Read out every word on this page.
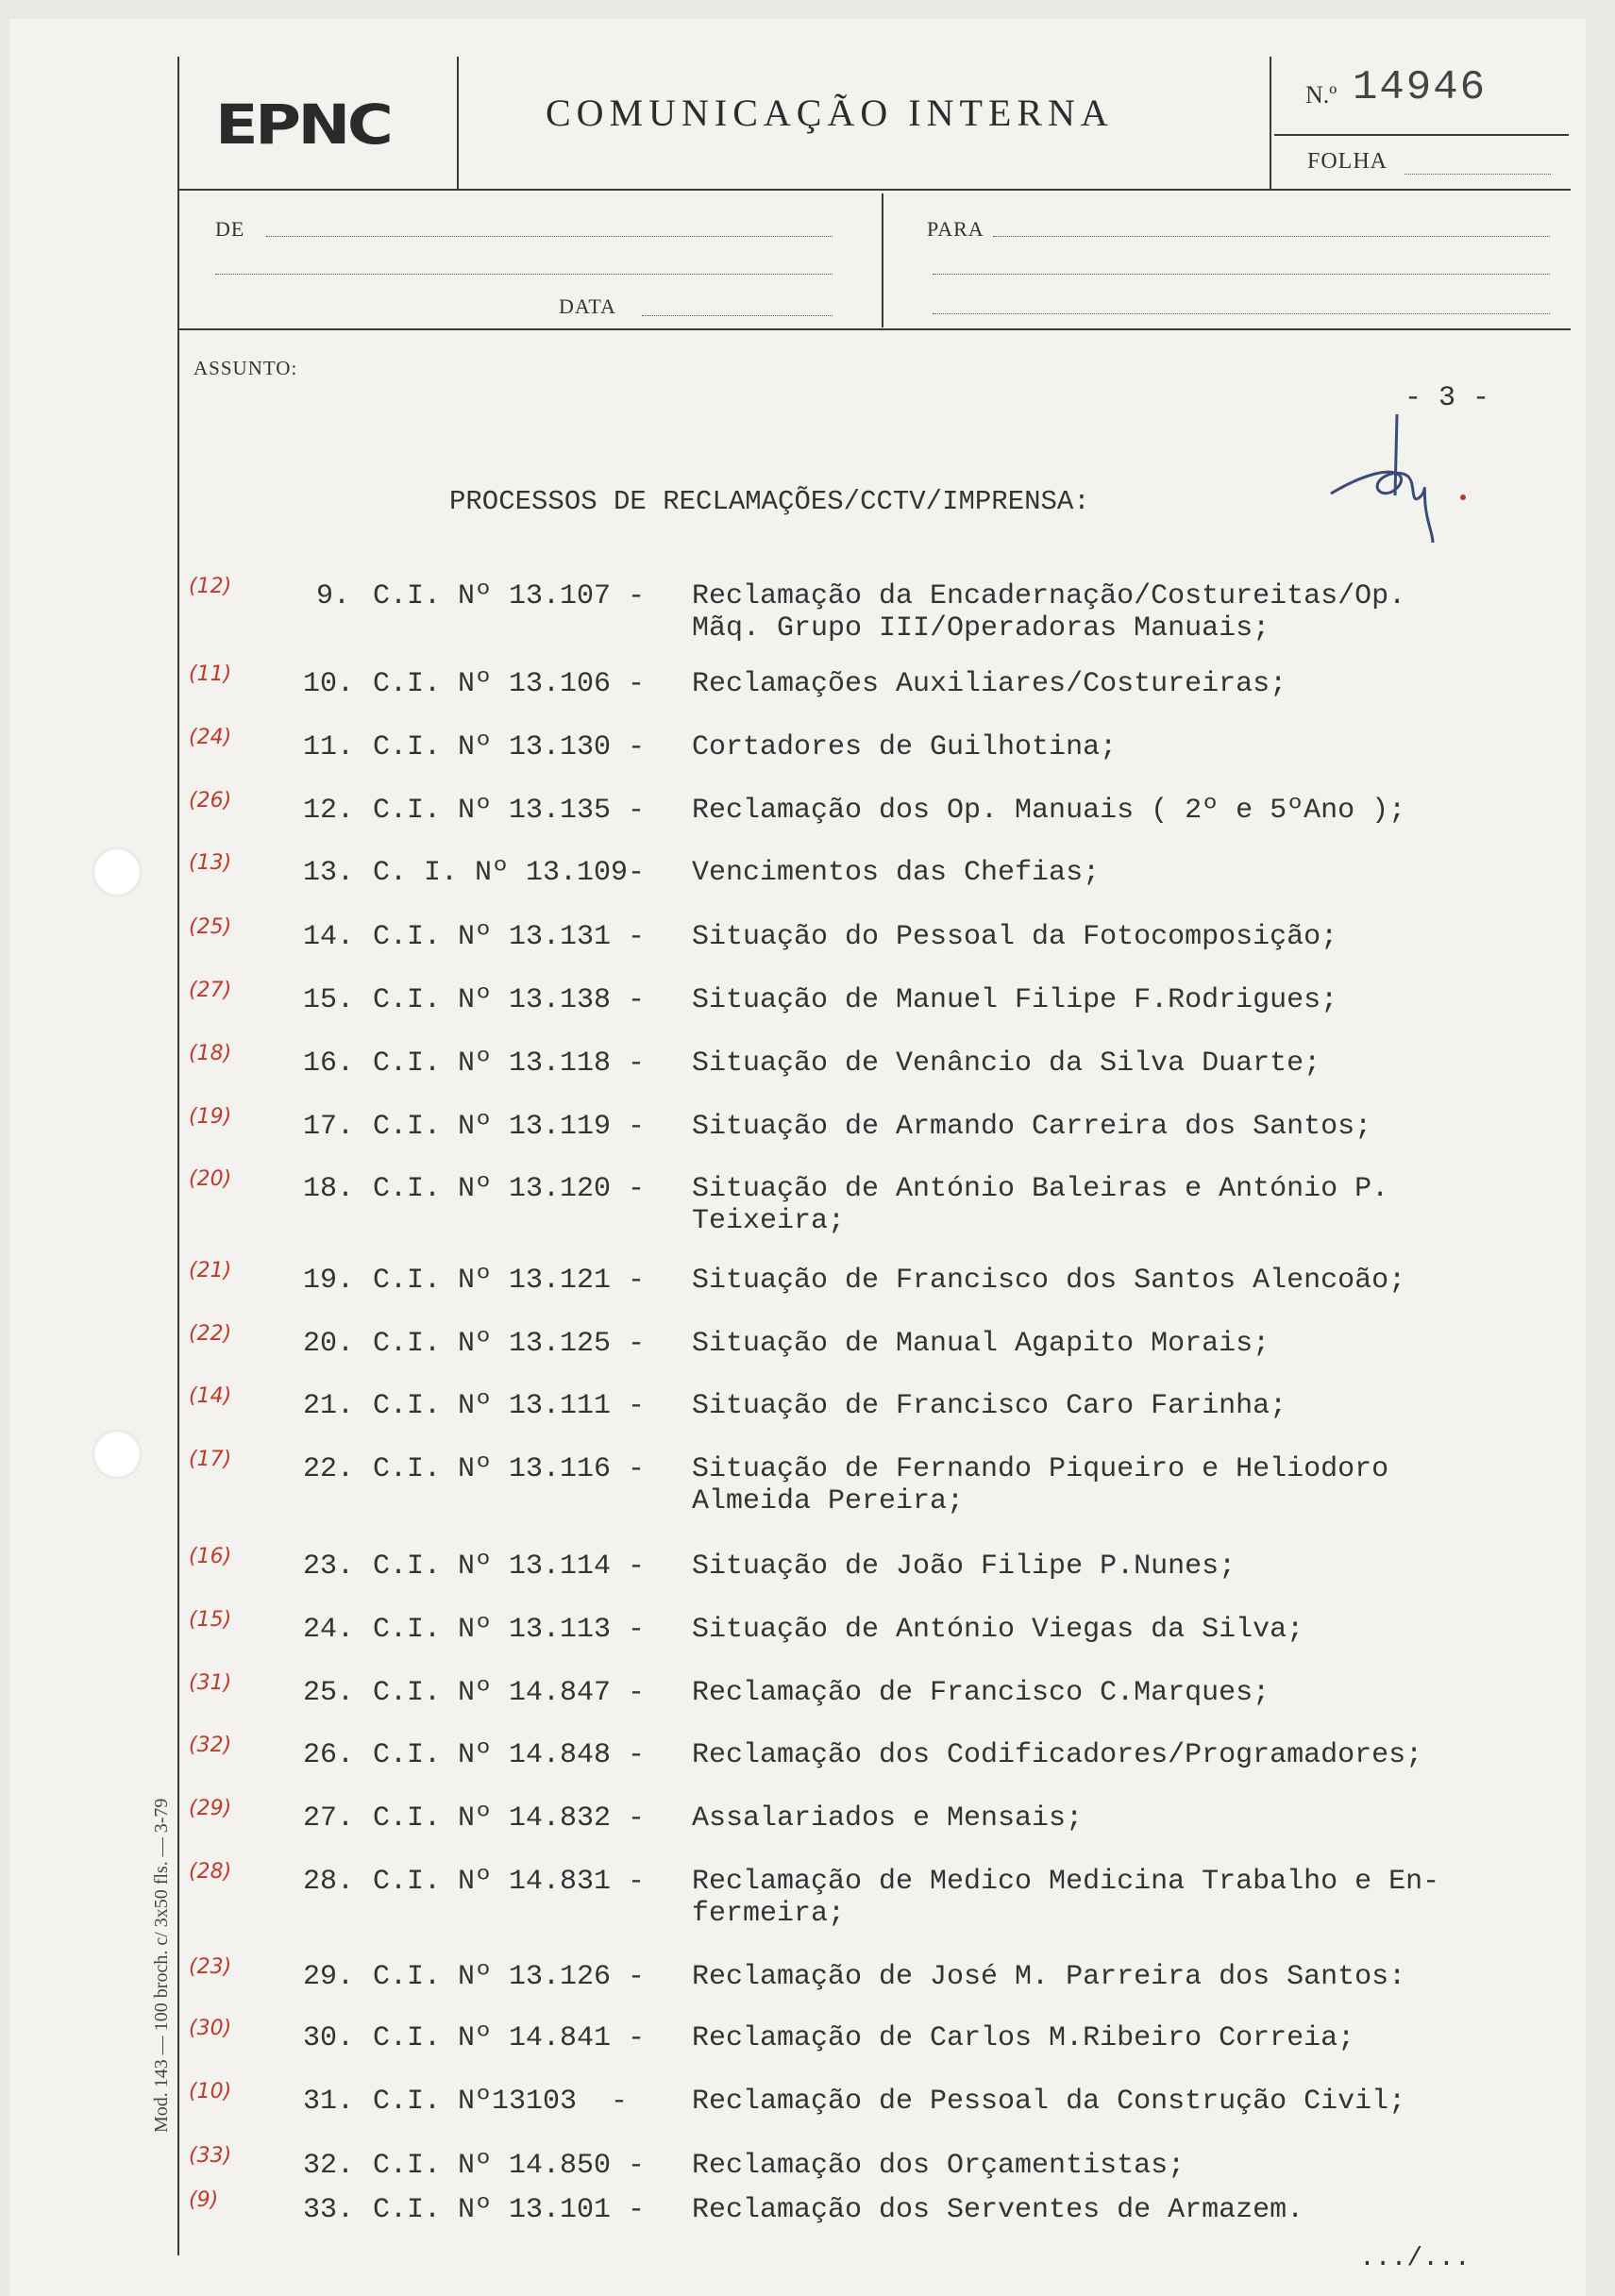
EPNC	COMUNICAÇÃO INTERNA	N.º 14946
FOLHA
DE
DATA
PARA
ASSUNTO:
- 3 -
PROCESSOS DE RECLAMAÇÕES/CCTV/IMPRENSA:
(12)	9. C.I. Nº 13.107 - Reclamação da Encadernação/Costureitas/Op.
Mãq. Grupo III/Operadoras Manuais;
(11)	10. C.I. Nº 13.106 - Reclamações Auxiliares/Costureiras;
(24)	11. C.I. Nº 13.130 - Cortadores de Guilhotina;
(26)	12. C.I. Nº 13.135 - Reclamação dos Op. Manuais ( 2º e 5ºAno );
(13)	13. C. I. Nº 13.109- Vencimentos das Chefias;
(25)	14. C.I. Nº 13.131 - Situação do Pessoal da Fotocomposição;
(27)	15. C.I. Nº 13.138 - Situação de Manuel Filipe F.Rodrigues;
(18)	16. C.I. Nº 13.118 - Situação de Venâncio da Silva Duarte;
(19)	17. C.I. Nº 13.119 - Situação de Armando Carreira dos Santos;
(20)	18. C.I. Nº 13.120 - Situação de António Baleiras e António P.
Teixeira;
(21)	19. C.I. Nº 13.121 - Situação de Francisco dos Santos Alencoão;
(22)	20. C.I. Nº 13.125 - Situação de Manual Agapito Morais;
(14)	21. C.I. Nº 13.111 - Situação de Francisco Caro Farinha;
(17)	22. C.I. Nº 13.116 - Situação de Fernando Piqueiro e Heliodoro
Almeida Pereira;
(16)	23. C.I. Nº 13.114 - Situação de João Filipe P.Nunes;
(15)	24. C.I. Nº 13.113 - Situação de António Viegas da Silva;
(31)	25. C.I. Nº 14.847 - Reclamação de Francisco C.Marques;
(32)	26. C.I. Nº 14.848 - Reclamação dos Codificadores/Programadores;
(29)	27. C.I. Nº 14.832 - Assalariados e Mensais;
(28)	28. C.I. Nº 14.831 - Reclamação de Medico Medicina Trabalho e En-
fermeira;
(23)	29. C.I. Nº 13.126 - Reclamação de José M. Parreira dos Santos:
(30)	30. C.I. Nº 14.841 - Reclamação de Carlos M.Ribeiro Correia;
(10)	31. C.I. Nº13103  - Reclamação de Pessoal da Construção Civil;
(33)	32. C.I. Nº 14.850 - Reclamação dos Orçamentistas;
(9)	33. C.I. Nº 13.101 - Reclamação dos Serventes de Armazem.
.../...
Mod. 143 — 100 broch. c/ 3x50 fls. — 3-79
